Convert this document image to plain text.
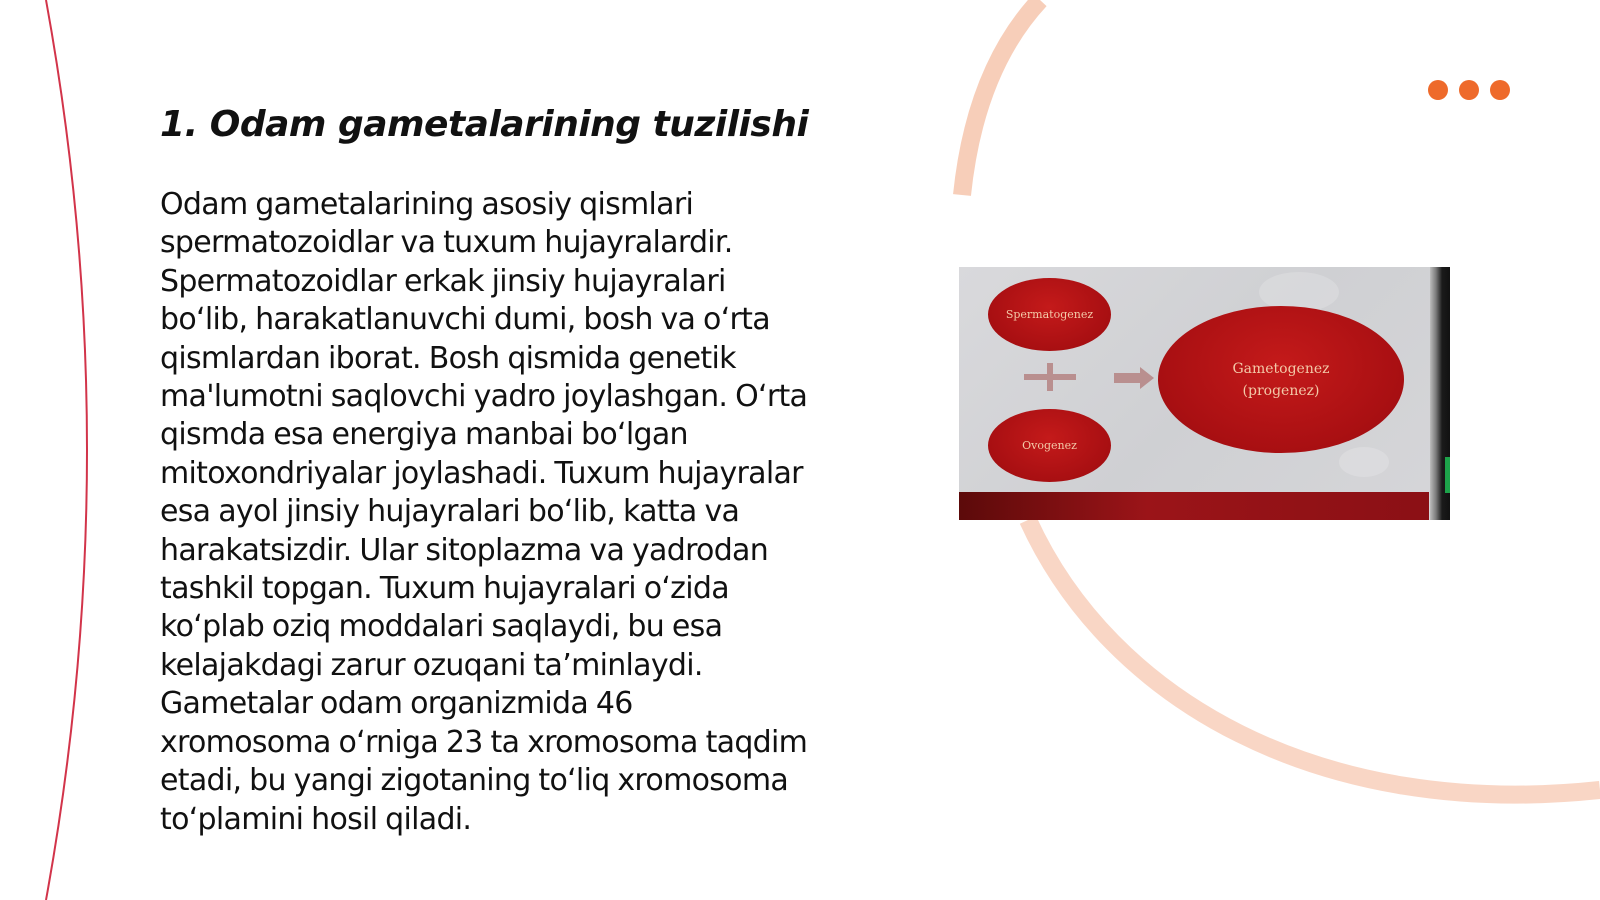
1. Odam gametalarining tuzilishi
Odam gametalarining asosiy qismlari
spermatozoidlar va tuxum hujayralardir.
Spermatozoidlar erkak jinsiy hujayralari
bo‘lib, harakatlanuvchi dumi, bosh va o‘rta
qismlardan iborat. Bosh qismida genetik
ma'lumotni saqlovchi yadro joylashgan. O‘rta
qismda esa energiya manbai bo‘lgan
mitoxondriyalar joylashadi. Tuxum hujayralar
esa ayol jinsiy hujayralari bo‘lib, katta va
harakatsizdir. Ular sitoplazma va yadrodan
tashkil topgan. Tuxum hujayralari o‘zida
ko‘plab oziq moddalari saqlaydi, bu esa
kelajakdagi zarur ozuqani ta’minlaydi.
Gametalar odam organizmida 46
xromosoma o‘rniga 23 ta xromosoma taqdim
etadi, bu yangi zigotaning to‘liq xromosoma
to‘plamini hosil qiladi.
Spermatogenez
Ovogenez
Gametogenez
(progenez)
